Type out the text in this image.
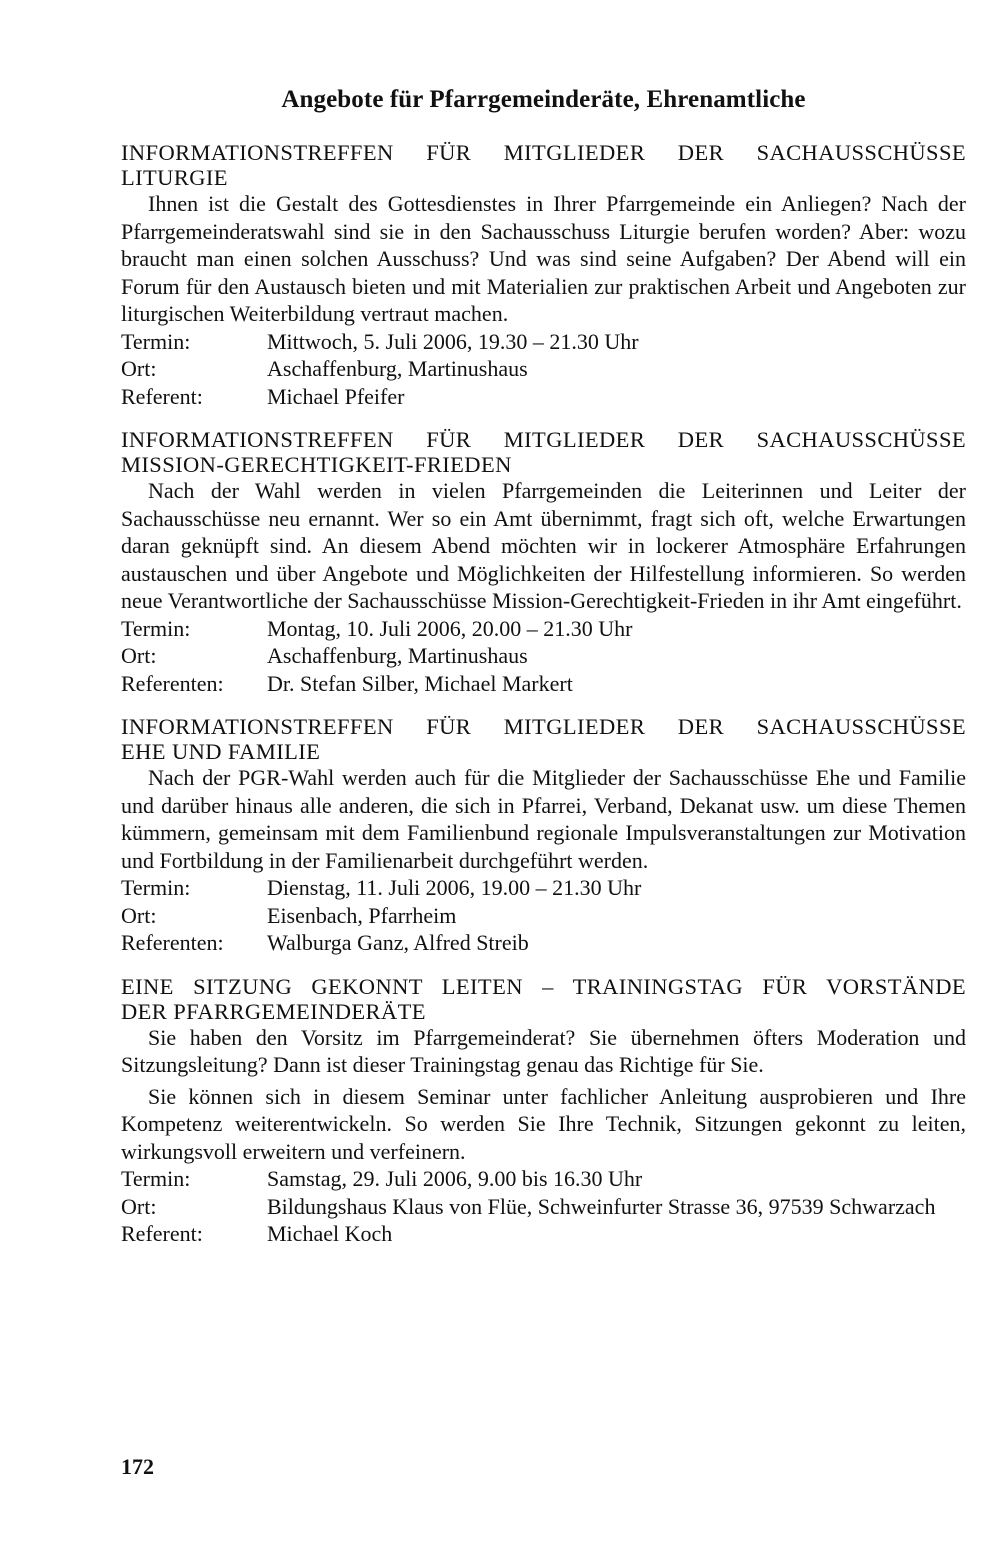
Angebote für Pfarrgemeinderäte, Ehrenamtliche
INFORMATIONSTREFFEN FÜR MITGLIEDER DER SACHAUSSCHÜSSE
LITURGIE

Ihnen ist die Gestalt des Gottesdienstes in Ihrer Pfarrgemeinde ein Anliegen? Nach der Pfarrgemeinderatswahl sind sie in den Sachausschuss Liturgie berufen worden? Aber: wozu braucht man einen solchen Ausschuss? Und was sind seine Aufgaben? Der Abend will ein Forum für den Austausch bieten und mit Materialien zur praktischen Arbeit und Angeboten zur liturgischen Weiterbildung vertraut machen.

Termin:	Mittwoch, 5. Juli 2006, 19.30 – 21.30 Uhr
Ort:	Aschaffenburg, Martinushaus
Referent:	Michael Pfeifer
INFORMATIONSTREFFEN FÜR MITGLIEDER DER SACHAUSSCHÜSSE
MISSION-GERECHTIGKEIT-FRIEDEN

Nach der Wahl werden in vielen Pfarrgemeinden die Leiterinnen und Leiter der Sachausschüsse neu ernannt. Wer so ein Amt übernimmt, fragt sich oft, welche Erwartungen daran geknüpft sind. An diesem Abend möchten wir in lockerer Atmosphäre Erfahrungen austauschen und über Angebote und Möglichkeiten der Hilfestellung informieren. So werden neue Verantwortliche der Sachausschüsse Mission-Gerechtigkeit-Frieden in ihr Amt eingeführt.

Termin:	Montag, 10. Juli 2006, 20.00 – 21.30 Uhr
Ort:	Aschaffenburg, Martinushaus
Referenten:	Dr. Stefan Silber, Michael Markert
INFORMATIONSTREFFEN FÜR MITGLIEDER DER SACHAUSSCHÜSSE
EHE UND FAMILIE

Nach der PGR-Wahl werden auch für die Mitglieder der Sachausschüsse Ehe und Familie und darüber hinaus alle anderen, die sich in Pfarrei, Verband, Dekanat usw. um diese Themen kümmern, gemeinsam mit dem Familienbund regionale Impulsveranstaltungen zur Motivation und Fortbildung in der Familienarbeit durchgeführt werden.

Termin:	Dienstag, 11. Juli 2006, 19.00 – 21.30 Uhr
Ort:	Eisenbach, Pfarrheim
Referenten:	Walburga Ganz, Alfred Streib
EINE SITZUNG GEKONNT LEITEN – TRAININGSTAG FÜR VORSTÄNDE
DER PFARRGEMEINDERÄTE

Sie haben den Vorsitz im Pfarrgemeinderat? Sie übernehmen öfters Moderation und Sitzungsleitung? Dann ist dieser Trainingstag genau das Richtige für Sie.

Sie können sich in diesem Seminar unter fachlicher Anleitung ausprobieren und Ihre Kompetenz weiterentwickeln. So werden Sie Ihre Technik, Sitzungen gekonnt zu leiten, wirkungsvoll erweitern und verfeinern.

Termin:	Samstag, 29. Juli 2006, 9.00 bis 16.30 Uhr
Ort:	Bildungshaus Klaus von Flüe, Schweinfurter Strasse 36, 97539 Schwarzach
Referent:	Michael Koch
172
